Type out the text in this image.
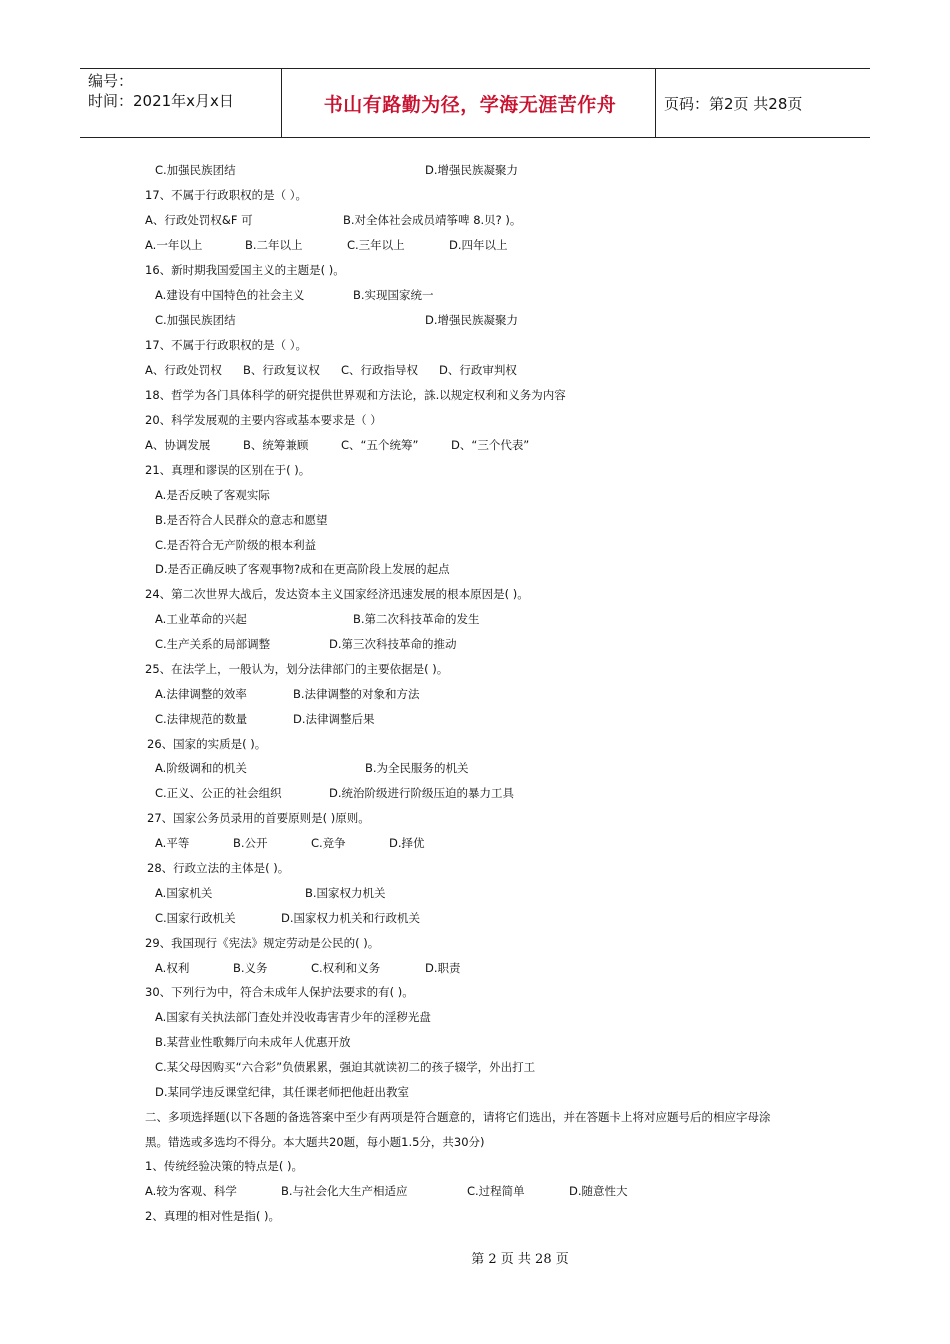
编号：
时间：2021年x月x日	书山有路勤为径，学海无涯苦作舟	页码：第2页 共28页
C.加强民族团结	D.增强民族凝聚力
17、不属于行政职权的是（ ）。
A、行政处罚权&F 可	B.对全体社会成员靖筝啤 8.贝? )。
A.一年以上	B.二年以上	C.三年以上	D.四年以上
16、新时期我国爱国主义的主题是( )。
A.建设有中国特色的社会主义	B.实现国家统一
C.加强民族团结	D.增强民族凝聚力
17、不属于行政职权的是（ ）。
A、行政处罚权 B、行政复议权 C、行政指导权 D、行政审判权
18、哲学为各门具体科学的研究提供世界观和方法论，誅.以规定权利和义务为内容
20、科学发展观的主要内容或基本要求是（ ）
A、协调发展	B、统筹兼顾	C、“五个统筹”	D、“三个代表”
21、真理和谬误的区别在于( )。
A.是否反映了客观实际
B.是否符合人民群众的意志和愿望
C.是否符合无产阶级的根本利益
D.是否正确反映了客观事物?成和在更高阶段上发展的起点
24、第二次世界大战后，发达资本主义国家经济迅速发展的根本原因是( )。
A.工业革命的兴起	B.第二次科技革命的发生
C.生产关系的局部调整	D.第三次科技革命的推动
25、在法学上，一般认为，划分法律部门的主要依据是( )。
A.法律调整的效率	B.法律调整的对象和方法
C.法律规范的数量	D.法律调整后果
26、国家的实质是( )。
A.阶级调和的机关	B.为全民服务的机关
C.正义、公正的社会组织	D.统治阶级进行阶级压迫的暴力工具
27、国家公务员录用的首要原则是( )原则。
A.平等	B.公开	C.竞争	D.择优
28、行政立法的主体是( )。
A.国家机关	B.国家权力机关
C.国家行政机关	D.国家权力机关和行政机关
29、我国现行《宪法》规定劳动是公民的( )。
A.权利	B.义务	C.权利和义务	D.职责
30、下列行为中，符合未成年人保护法要求的有( )。
A.国家有关执法部门查处并没收毒害青少年的淫秽光盘
B.某营业性歌舞厅向未成年人优惠开放
C.某父母因购买“六合彩”负债累累，强迫其就读初二的孩子辍学，外出打工
D.某同学违反课堂纪律，其任课老师把他赶出教室
二、多项选择题(以下各题的备选答案中至少有两项是符合题意的，请将它们选出，并在答题卡上将对应题号后的相应字母涂
黑。错选或多选均不得分。本大题共20题，每小题1.5分，共30分)
1、传统经验决策的特点是( )。
A.较为客观、科学	B.与社会化大生产相适应	C.过程简单	D.随意性大
2、真理的相对性是指( )。
第 2 页 共 28 页
